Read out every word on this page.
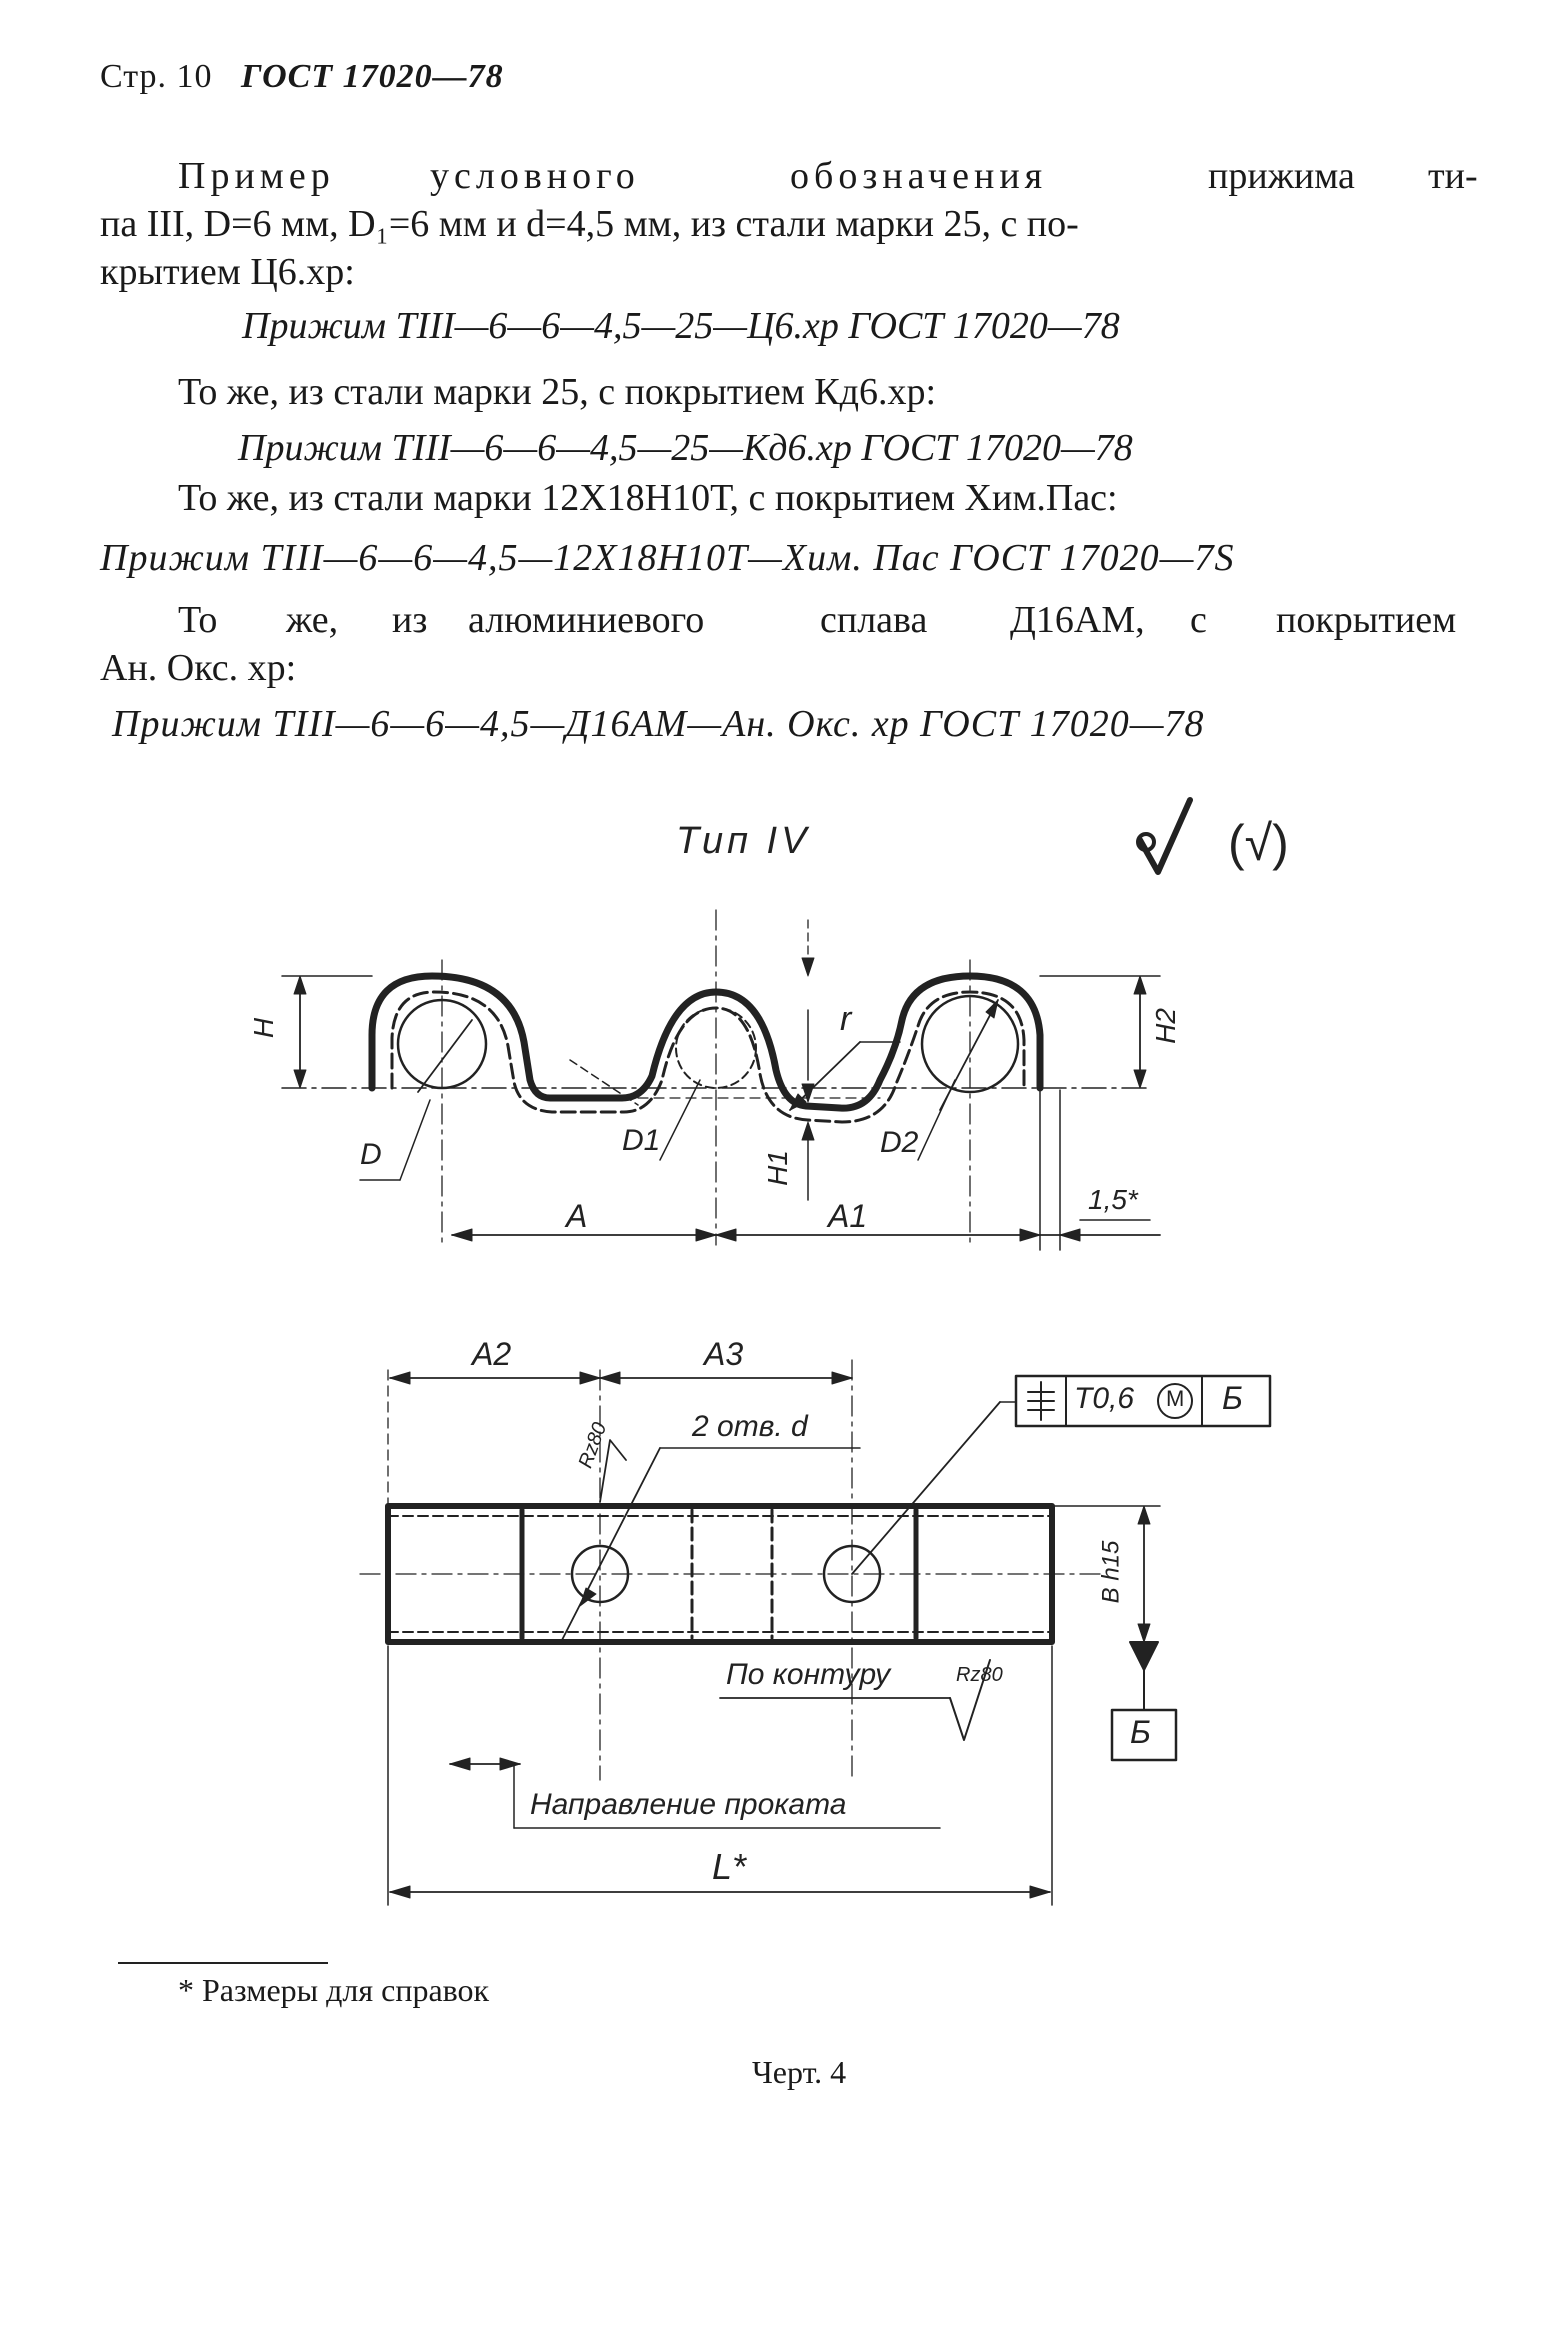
Стр. 10 ГОСТ 17020—78
Пример	условного	обозначения	прижима ти-
па III, D=6 мм, D₁=6 мм и d=4,5 мм, из стали марки 25, с по-
крытием Ц6.хр:
Прижим TIII—6—6—4,5—25—Ц6.хр ГОСТ 17020—78
То же, из стали марки 25, с покрытием Кд6.хр:
Прижим TIII—6—6—4,5—25—Кд6.хр ГОСТ 17020—78
То же, из стали марки 12Х18Н10Т, с покрытием Хим.Пас:
Прижим TIII—6—6—4,5—12Х18Н10Т—Хим. Пас ГОСТ 17020—7S
То же, из алюминиевого	сплава Д16АМ, с покрытием
Ан. Окс. хр:
Прижим TIII—6—6—4,5—Д16АМ—Ан. Окс. хр ГОСТ 17020—78
Тип IV	(√)
H	H2
H1
r
D	D1	D2
A	A1	1,5*
A2	A3
2 отв. d
Rz80
Т0,6 М Б
Б
В h15
По контуру	Rz80
Направление проката
L*
* Размеры для справок
Черт. 4
